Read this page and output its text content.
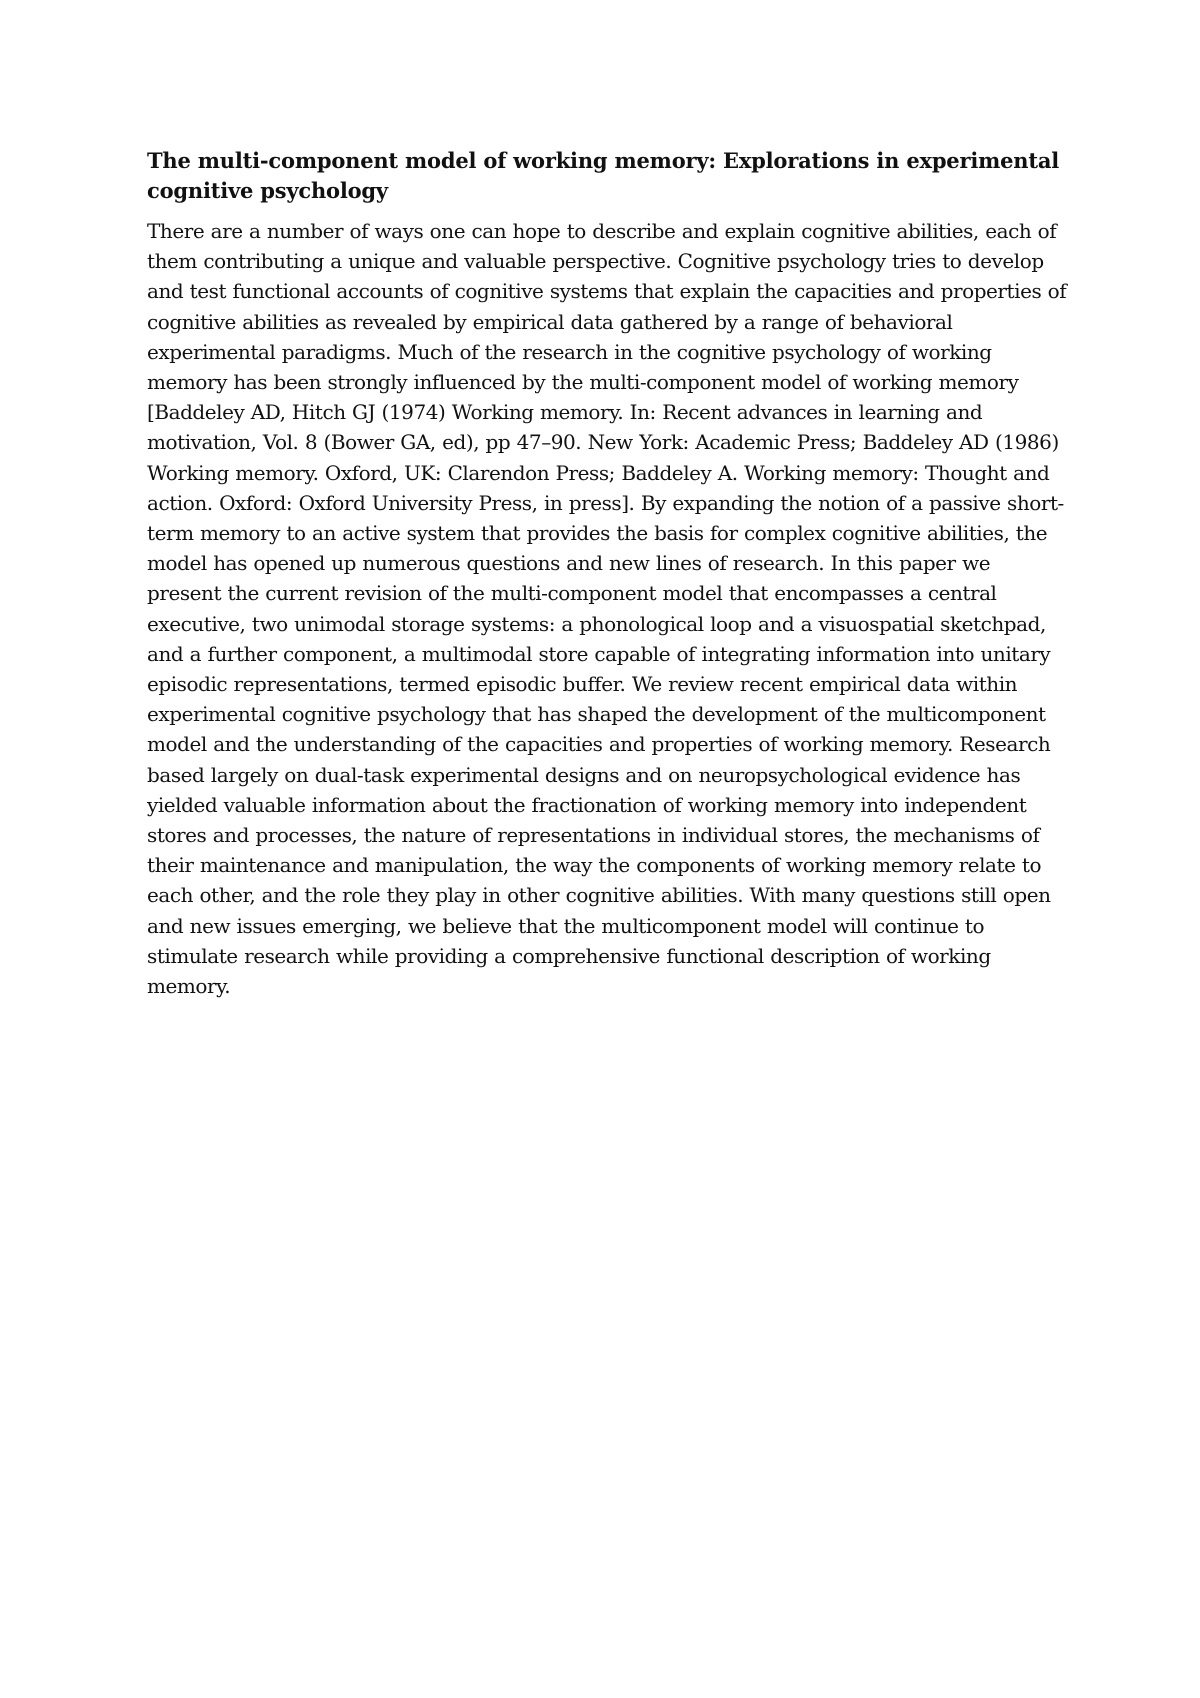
The multi-component model of working memory: Explorations in experimental cognitive psychology

There are a number of ways one can hope to describe and explain cognitive abilities, each of them contributing a unique and valuable perspective. Cognitive psychology tries to develop and test functional accounts of cognitive systems that explain the capacities and properties of cognitive abilities as revealed by empirical data gathered by a range of behavioral experimental paradigms. Much of the research in the cognitive psychology of working memory has been strongly influenced by the multi-component model of working memory [Baddeley AD, Hitch GJ (1974) Working memory. In: Recent advances in learning and motivation, Vol. 8 (Bower GA, ed), pp 47–90. New York: Academic Press; Baddeley AD (1986) Working memory. Oxford, UK: Clarendon Press; Baddeley A. Working memory: Thought and action. Oxford: Oxford University Press, in press]. By expanding the notion of a passive short-term memory to an active system that provides the basis for complex cognitive abilities, the model has opened up numerous questions and new lines of research. In this paper we present the current revision of the multi-component model that encompasses a central executive, two unimodal storage systems: a phonological loop and a visuospatial sketchpad, and a further component, a multimodal store capable of integrating information into unitary episodic representations, termed episodic buffer. We review recent empirical data within experimental cognitive psychology that has shaped the development of the multicomponent model and the understanding of the capacities and properties of working memory. Research based largely on dual-task experimental designs and on neuropsychological evidence has yielded valuable information about the fractionation of working memory into independent stores and processes, the nature of representations in individual stores, the mechanisms of their maintenance and manipulation, the way the components of working memory relate to each other, and the role they play in other cognitive abilities. With many questions still open and new issues emerging, we believe that the multicomponent model will continue to stimulate research while providing a comprehensive functional description of working memory.
